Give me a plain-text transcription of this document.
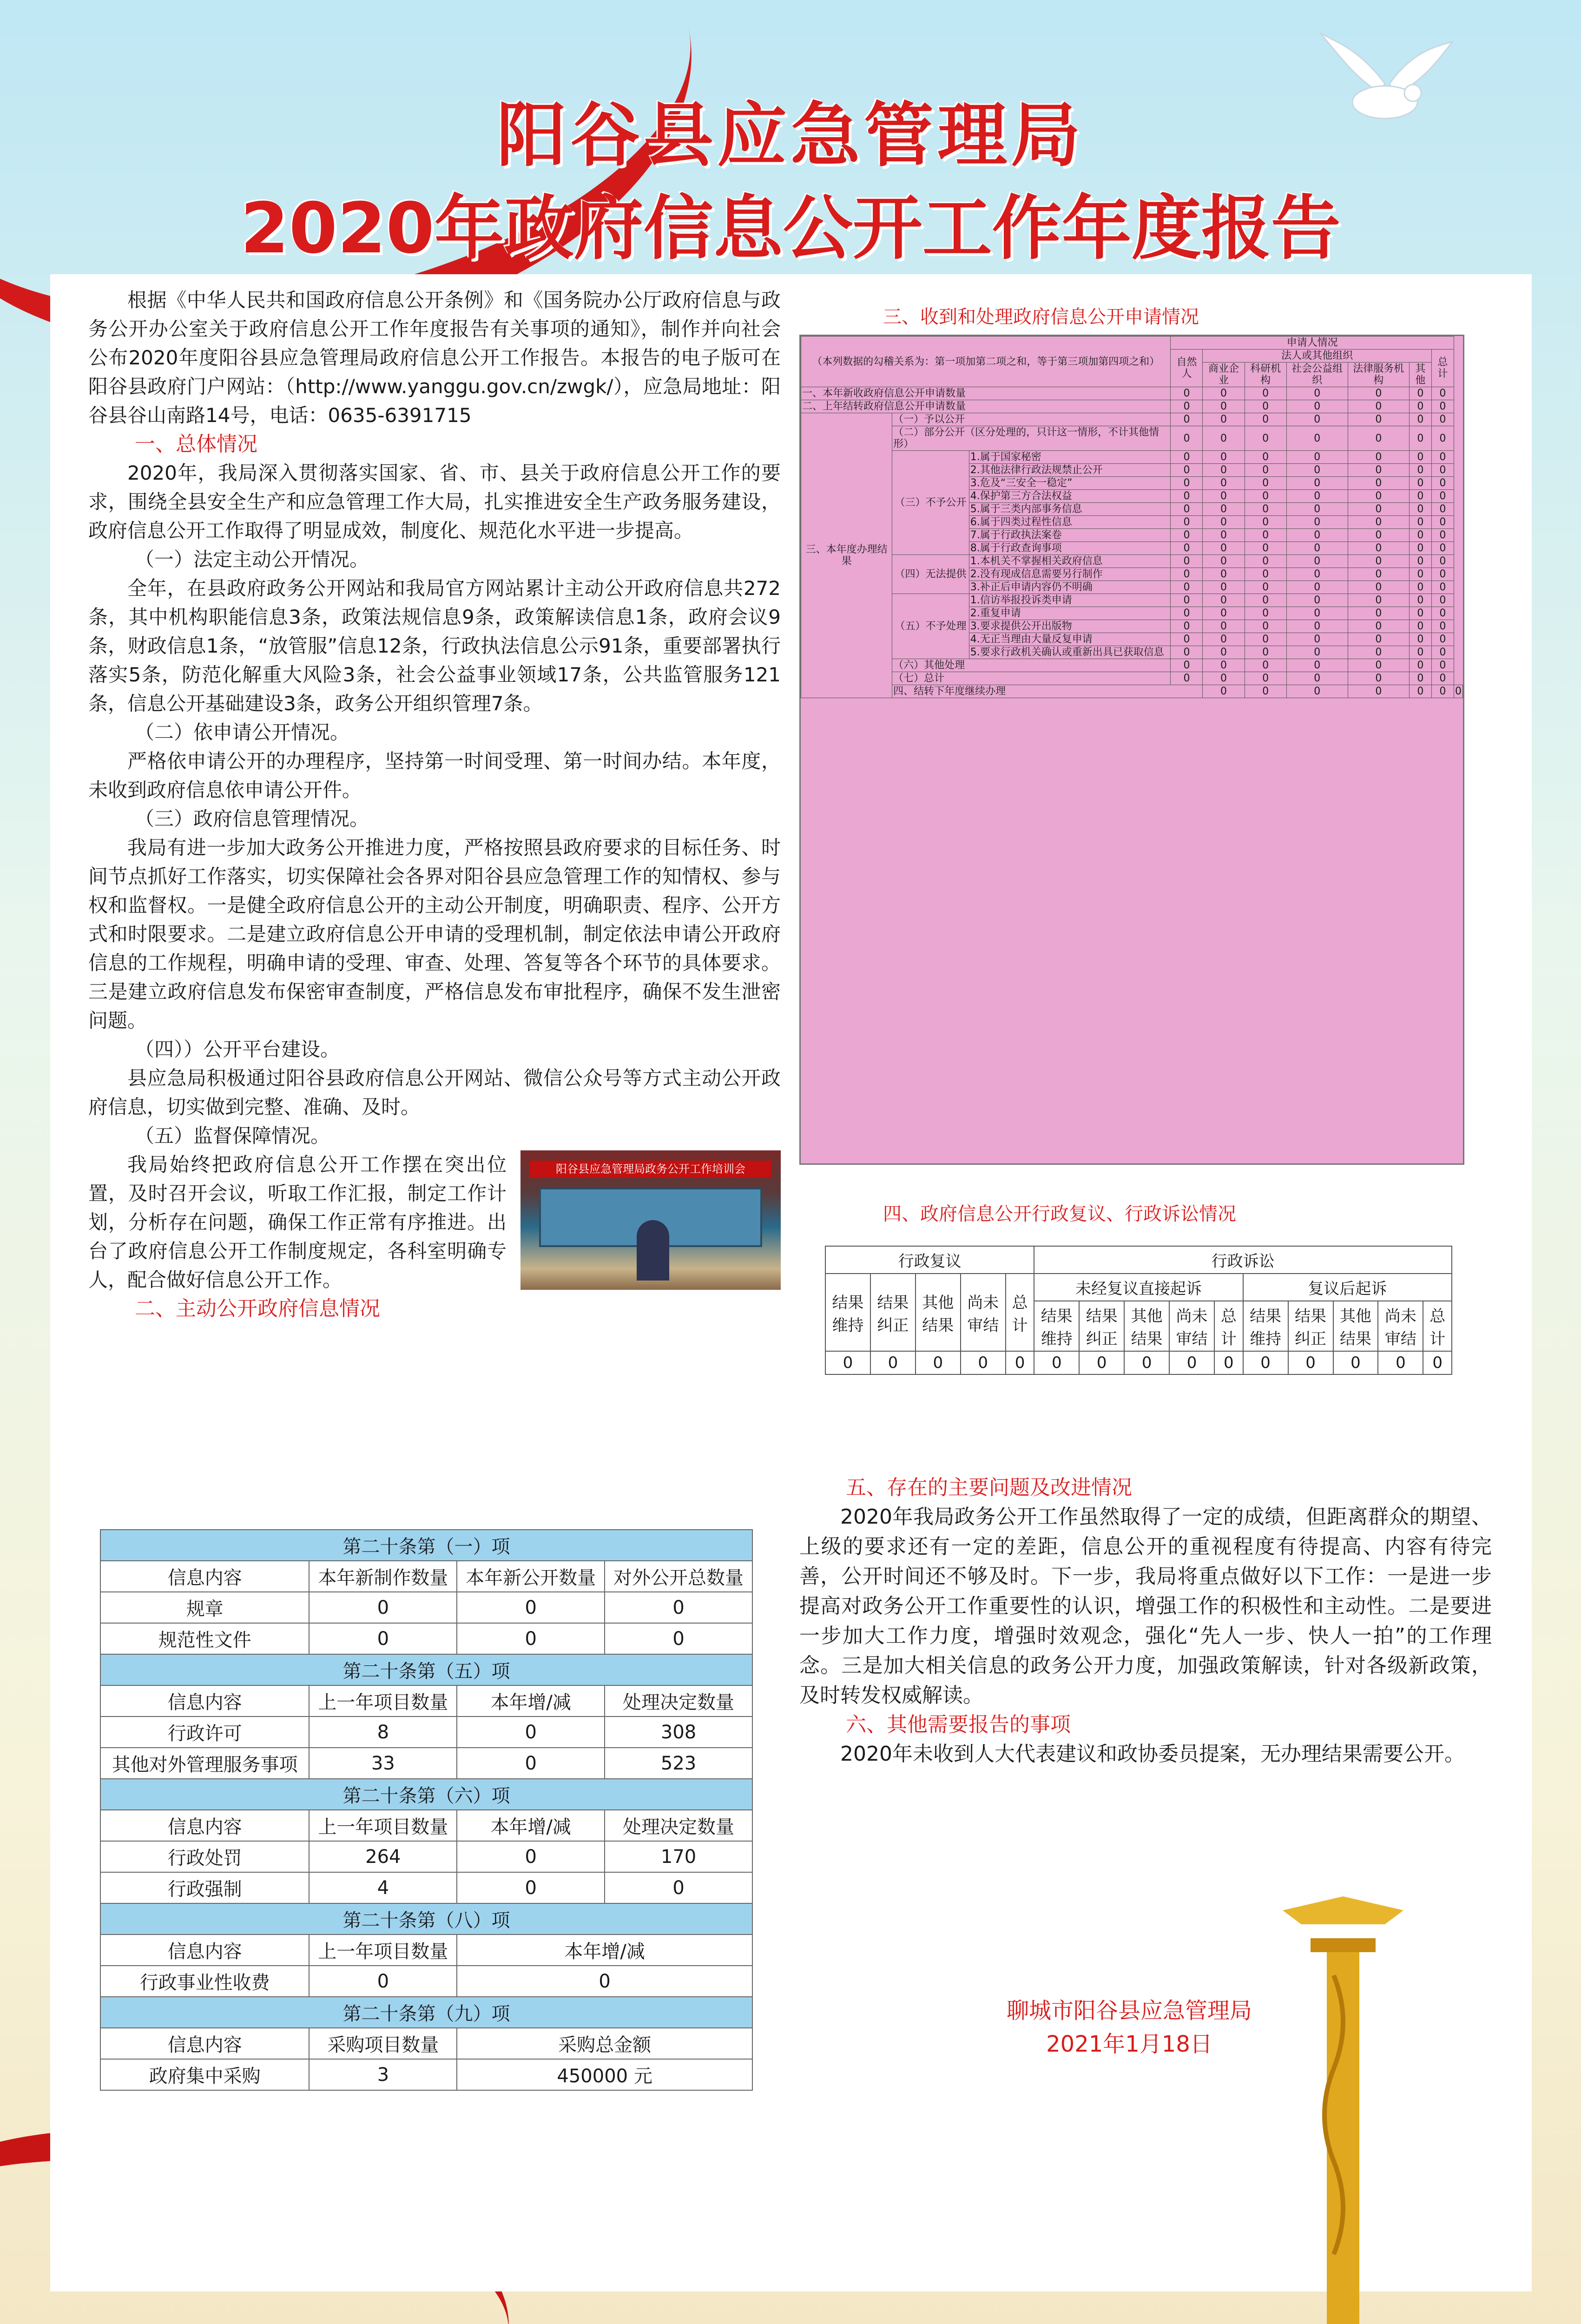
阳谷县应急管理局
2020年政府信息公开工作年度报告

根据《中华人民共和国政府信息公开条例》和《国务院办公厅政府信息与政务公开办公室关于政府信息公开工作年度报告有关事项的通知》，制作并向社会公布2020年度阳谷县应急管理局政府信息公开工作报告。本报告的电子版可在阳谷县政府门户网站：（http://www.yanggu.gov.cn/zwgk/），应急局地址：阳谷县谷山南路14号，电话：0635-6391715

一、总体情况

2020年，我局深入贯彻落实国家、省、市、县关于政府信息公开工作的要求，围绕全县安全生产和应急管理工作大局，扎实推进安全生产政务服务建设，政府信息公开工作取得了明显成效，制度化、规范化水平进一步提高。

（一）法定主动公开情况。

全年，在县政府政务公开网站和我局官方网站累计主动公开政府信息共272条，其中机构职能信息3条，政策法规信息9条，政策解读信息1条，政府会议9条，财政信息1条，“放管服”信息12条，行政执法信息公示91条，重要部署执行落实5条，防范化解重大风险3条，社会公益事业领域17条，公共监管服务121条，信息公开基础建设3条，政务公开组织管理7条。

（二）依申请公开情况。

严格依申请公开的办理程序，坚持第一时间受理、第一时间办结。本年度，未收到政府信息依申请公开件。

（三）政府信息管理情况。

我局有进一步加大政务公开推进力度，严格按照县政府要求的目标任务、时间节点抓好工作落实，切实保障社会各界对阳谷县应急管理工作的知情权、参与权和监督权。一是健全政府信息公开的主动公开制度，明确职责、程序、公开方式和时限要求。二是建立政府信息公开申请的受理机制，制定依法申请公开政府信息的工作规程，明确申请的受理、审查、处理、答复等各个环节的具体要求。三是建立政府信息发布保密审查制度，严格信息发布审批程序，确保不发生泄密问题。

（四））公开平台建设。

县应急局积极通过阳谷县政府信息公开网站、微信公众号等方式主动公开政府信息，切实做到完整、准确、及时。

（五）监督保障情况。
阳谷县应急管理局政务公开工作培训会

我局始终把政府信息公开工作摆在突出位置，及时召开会议，听取工作汇报，制定工作计划，分析存在问题，确保工作正常有序推进。出台了政府信息公开工作制度规定，各科室明确专人，配合做好信息公开工作。

二、主动公开政府信息情况
第二十条第（一）项			
信息内容	本年新制作数量	本年新公开数量	对外公开总数量
规章	0	0	0
规范性文件	0	0	0
第二十条第（五）项			
信息内容	上一年项目数量	本年增/减	处理决定数量
行政许可	8	0	308
其他对外管理服务事项	33	0	523
第二十条第（六）项			
信息内容	上一年项目数量	本年增/减	处理决定数量
行政处罚	264	0	170
行政强制	4	0	0
第二十条第（八）项			
信息内容	上一年项目数量	本年增/减	
行政事业性收费	0	0	
第二十条第（九）项			
信息内容	采购项目数量	采购总金额	
政府集中采购	3	450000 元	
三、收到和处理政府信息公开申请情况
（本列数据的勾稽关系为：第一项加第二项之和，等于第三项加第四项之和）			申请人情况							
			自然人	法人或其他组织					总计	
				商业企业	科研机构	社会公益组织	法律服务机构	其他		
一、本年新收政府信息公开申请数量			0	0	0	0	0	0	0	
二、上年结转政府信息公开申请数量			0	0	0	0	0	0	0	
三、本年度办理结果	（一）予以公开		0	0	0	0	0	0	0	
	（二）部分公开（区分处理的，只计这一情形，不计其他情形）		0	0	0	0	0	0	0	
	（三）不予公开	1.属于国家秘密	0	0	0	0	0	0	0	
		2.其他法律行政法规禁止公开	0	0	0	0	0	0	0	
		3.危及“三安全一稳定”	0	0	0	0	0	0	0	
		4.保护第三方合法权益	0	0	0	0	0	0	0	
		5.属于三类内部事务信息	0	0	0	0	0	0	0	
		6.属于四类过程性信息	0	0	0	0	0	0	0	
		7.属于行政执法案卷	0	0	0	0	0	0	0	
		8.属于行政查询事项	0	0	0	0	0	0	0	
	（四）无法提供	1.本机关不掌握相关政府信息	0	0	0	0	0	0	0	
		2.没有现成信息需要另行制作	0	0	0	0	0	0	0	
		3.补正后申请内容仍不明确	0	0	0	0	0	0	0	
	（五）不予处理	1.信访举报投诉类申请	0	0	0	0	0	0	0	
		2.重复申请	0	0	0	0	0	0	0	
		3.要求提供公开出版物	0	0	0	0	0	0	0	
		4.无正当理由大量反复申请	0	0	0	0	0	0	0	
		5.要求行政机关确认或重新出具已获取信息	0	0	0	0	0	0	0	
	（六）其他处理		0	0	0	0	0	0	0	
	（七）总计		0	0	0	0	0	0	0	
	四、结转下年度继续办理			0	0	0	0	0	0	0
四、政府信息公开行政复议、行政诉讼情况
行政复议					行政诉讼									
结果维持	结果纠正	其他结果	尚未审结	总计	未经复议直接起诉					复议后起诉				
					结果维持	结果纠正	其他结果	尚未审结	总计	结果维持	结果纠正	其他结果	尚未审结	总计
0	0	0	0	0	0	0	0	0	0	0	0	0	0	0
五、存在的主要问题及改进情况

2020年我局政务公开工作虽然取得了一定的成绩，但距离群众的期望、上级的要求还有一定的差距，信息公开的重视程度有待提高、内容有待完善，公开时间还不够及时。下一步，我局将重点做好以下工作：一是进一步提高对政务公开工作重要性的认识，增强工作的积极性和主动性。二是要进一步加大工作力度，增强时效观念，强化“先人一步、快人一拍”的工作理念。三是加大相关信息的政务公开力度，加强政策解读，针对各级新政策，及时转发权威解读。

六、其他需要报告的事项

2020年未收到人大代表建议和政协委员提案，无办理结果需要公开。

聊城市阳谷县应急管理局
2021年1月18日
